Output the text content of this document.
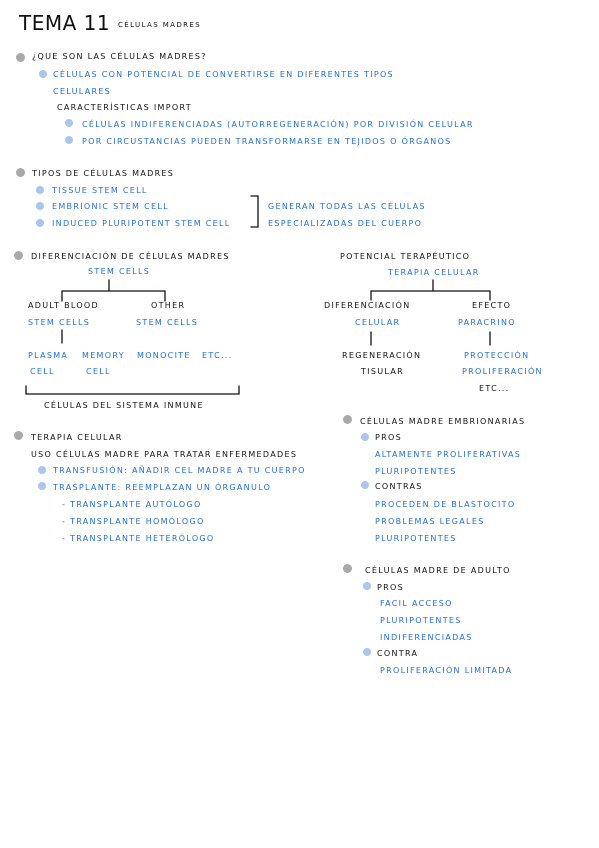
TEMA 11 CÉLULAS MADRES
¿QUE SON LAS CÉLULAS MADRES?
CÉLULAS CON POTENCIAL DE CONVERTIRSE EN DIFERENTES TIPOS
CELULARES
CARACTERÍSTICAS IMPORT
CÉLULAS INDIFERENCIADAS (AUTORREGENERACIÓN) POR DIVISIÓN CELULAR
POR CIRCUSTANCIAS PUEDEN TRANSFORMARSE EN TEJIDOS O ÓRGANOS
TIPOS DE CÉLULAS MADRES
TISSUE STEM CELL
EMBRIONIC STEM CELL
INDUCED PLURIPOTENT STEM CELL
GENERAN TODAS LAS CÉLULAS
ESPECIALIZADAS DEL CUERPO
DIFERENCIACIÓN DE CÉLULAS MADRES
STEM CELLS
ADULT BLOOD
STEM CELLS
OTHER
STEM CELLS
PLASMA
CELL
MEMORY
CELL
MONOCITE ETC...
CÉLULAS DEL SISTEMA INMUNE
POTENCIAL TERAPÉUTICO
TERAPIA CELULAR
DIFERENCIACIÓN
CELULAR
EFECTO
PARACRINO
REGENERACIÓN
TISULAR
PROTECCIÓN
PROLIFERACIÓN
ETC...
TERAPIA CELULAR
USO CÉLULAS MADRE PARA TRATAR ENFERMEDADES
TRANSFUSIÓN: AÑADIR CEL MADRE A TU CUERPO
TRASPLANTE: REEMPLAZAN UN ÓRGANULO
- TRANSPLANTE AUTÓLOGO
- TRANSPLANTE HOMÓLOGO
- TRANSPLANTE HETERÓLOGO
CÉLULAS MADRE EMBRIONARIAS
PROS
ALTAMENTE PROLIFERATIVAS
PLURIPOTENTES
CONTRAS
PROCEDEN DE BLASTOCITO
PROBLEMAS LEGALES
PLURIPOTENTES
CÉLULAS MADRE DE ADULTO
PROS
FACIL ACCESO
PLURIPOTENTES
INDIFERENCIADAS
CONTRA
PROLIFERACIÓN LIMITADA
